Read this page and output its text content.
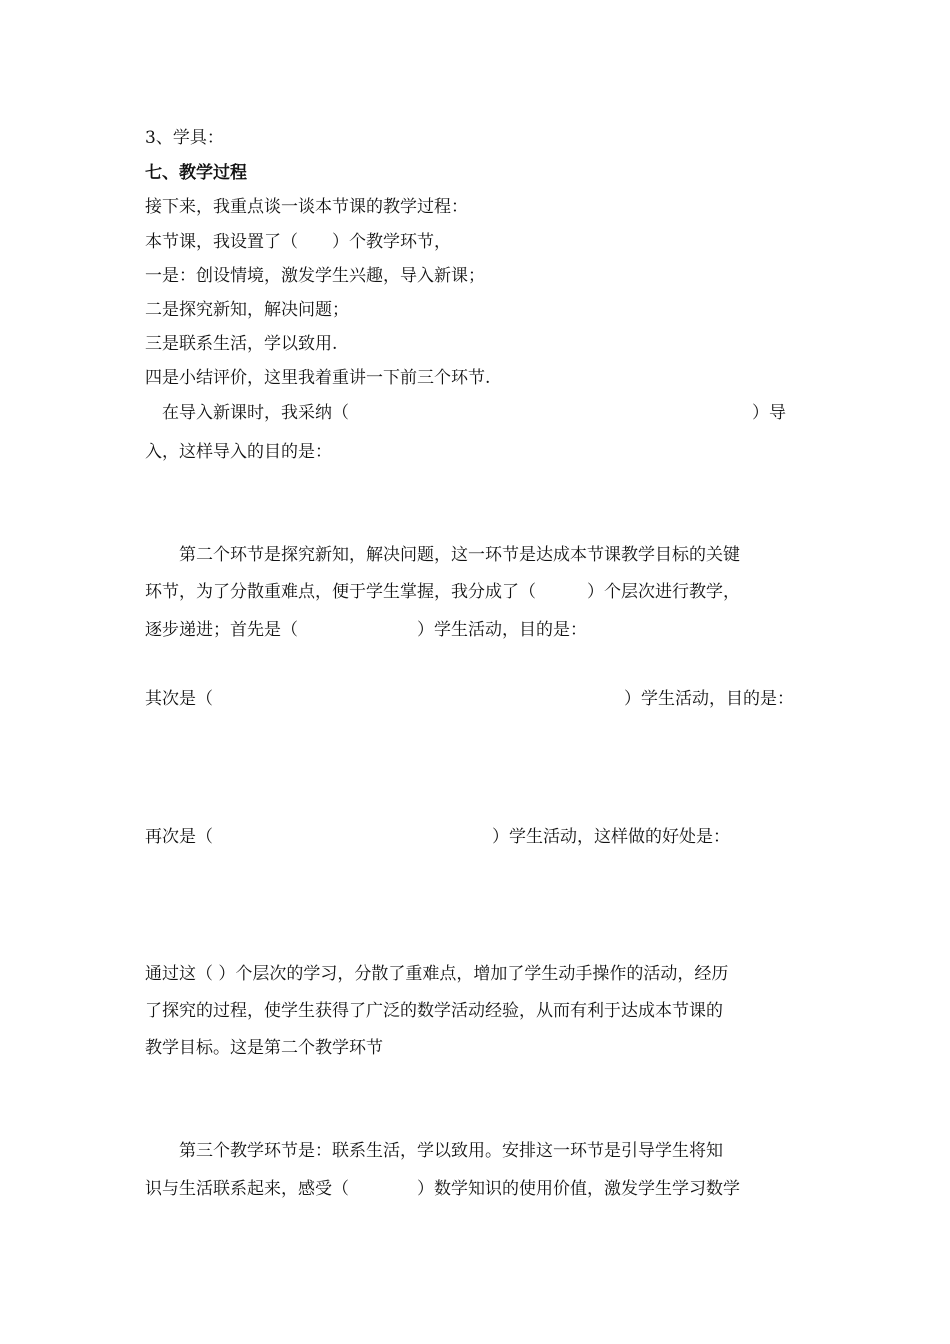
3、学具：

七、教学过程

接下来，我重点谈一谈本节课的教学过程：

本节课，我设置了（　　）个教学环节，

一是：创设情境，激发学生兴趣，导入新课；

二是探究新知，解决问题；

三是联系生活，学以致用.

四是小结评价，这里我着重讲一下前三个环节.

　在导入新课时，我采纳（	）导

入，这样导入的目的是：

　　第二个环节是探究新知，解决问题，这一环节是达成本节课教学目标的关键

环节，为了分散重难点，便于学生掌握，我分成了（　　　）个层次进行教学，

逐步递进；首先是（　　　　　　　）学生活动，目的是：

其次是（	）学生活动，目的是：

再次是（	）学生活动，这样做的好处是：

通过这（ ）个层次的学习，分散了重难点，增加了学生动手操作的活动，经历

了探究的过程，使学生获得了广泛的数学活动经验，从而有利于达成本节课的

教学目标。这是第二个教学环节

　　第三个教学环节是：联系生活，学以致用。安排这一环节是引导学生将知

识与生活联系起来，感受（　　　　）数学知识的使用价值，激发学生学习数学
